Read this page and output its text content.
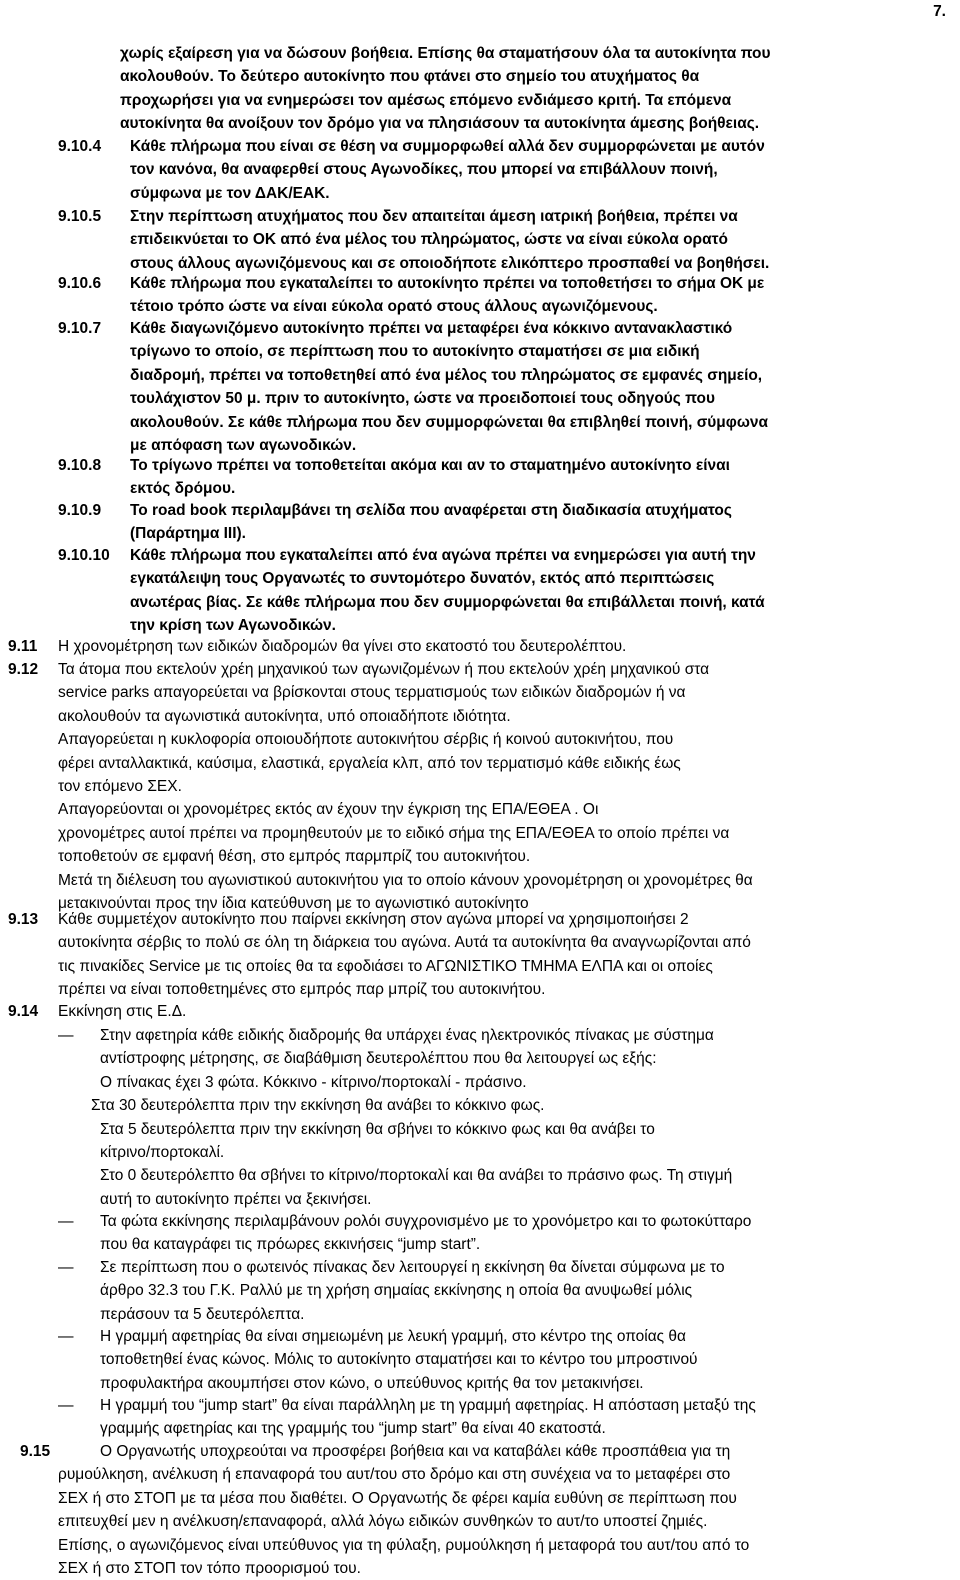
7.
χωρίς εξαίρεση για να δώσουν βοήθεια. Επίσης θα σταματήσουν όλα τα αυτοκίνητα που
ακολουθούν. Το δεύτερο αυτοκίνητο που φτάνει στο σημείο του ατυχήματος θα
προχωρήσει για να ενημερώσει τον αμέσως επόμενο ενδιάμεσο κριτή. Τα επόμενα
αυτοκίνητα θα ανοίξουν τον δρόμο για να πλησιάσουν τα αυτοκίνητα άμεσης βοήθειας.
9.10.4 Κάθε πλήρωμα που είναι σε θέση να συμμορφωθεί αλλά δεν συμμορφώνεται με αυτόν
τον κανόνα, θα αναφερθεί στους Αγωνοδίκες, που μπορεί να επιβάλλουν ποινή,
σύμφωνα με τον ΔΑΚ/ΕΑΚ.
9.10.5 Στην περίπτωση ατυχήματος που δεν απαιτείται άμεση ιατρική βοήθεια, πρέπει να
επιδεικνύεται το ΟΚ από ένα μέλος του πληρώματος, ώστε να είναι εύκολα ορατό
στους άλλους αγωνιζόμενους και σε οποιοδήποτε ελικόπτερο προσπαθεί να βοηθήσει.
9.10.6 Κάθε πλήρωμα που εγκαταλείπει το αυτοκίνητο πρέπει να τοποθετήσει το σήμα ΟΚ με
τέτοιο τρόπο ώστε να είναι εύκολα ορατό στους άλλους αγωνιζόμενους.
9.10.7 Κάθε διαγωνιζόμενο αυτοκίνητο πρέπει να μεταφέρει ένα κόκκινο αντανακλαστικό
τρίγωνο το οποίο, σε περίπτωση που το αυτοκίνητο σταματήσει σε μια ειδική
διαδρομή, πρέπει να τοποθετηθεί από ένα μέλος του πληρώματος σε εμφανές σημείο,
τουλάχιστον 50 μ. πριν το αυτοκίνητο, ώστε να προειδοποιεί τους οδηγούς που
ακολουθούν. Σε κάθε πλήρωμα που δεν συμμορφώνεται θα επιβληθεί ποινή, σύμφωνα
με απόφαση των αγωνοδικών.
9.10.8 Το τρίγωνο πρέπει να τοποθετείται ακόμα και αν το σταματημένο αυτοκίνητο είναι
εκτός δρόμου.
9.10.9 Το road book περιλαμβάνει τη σελίδα που αναφέρεται στη διαδικασία ατυχήματος
(Παράρτημα ΙΙΙ).
9.10.10 Κάθε πλήρωμα που εγκαταλείπει από ένα αγώνα πρέπει να ενημερώσει για αυτή την
εγκατάλειψη τους Οργανωτές το συντομότερο δυνατόν, εκτός από περιπτώσεις
ανωτέρας βίας. Σε κάθε πλήρωμα που δεν συμμορφώνεται θα επιβάλλεται ποινή, κατά
την κρίση των Αγωνοδικών.
9.11 Η χρονομέτρηση των ειδικών διαδρομών θα γίνει στο εκατοστό του δευτερολέπτου.
9.12 Τα άτομα που εκτελούν χρέη μηχανικού των αγωνιζομένων ή που εκτελούν χρέη μηχανικού στα
service parks απαγορεύεται να βρίσκονται στους τερματισμούς των ειδικών διαδρομών ή να
ακολουθούν τα αγωνιστικά αυτοκίνητα, υπό οποιαδήποτε ιδιότητα.
Απαγορεύεται η κυκλοφορία οποιουδήποτε αυτοκινήτου σέρβις ή κοινού αυτοκινήτου, που
φέρει ανταλλακτικά, καύσιμα, ελαστικά, εργαλεία κλπ, από τον τερματισμό κάθε ειδικής έως
τον επόμενο ΣΕΧ.
Απαγορεύονται οι χρονομέτρες εκτός αν έχουν την έγκριση της ΕΠΑ/ΕΘΕΑ . Οι
χρονομέτρες αυτοί πρέπει να προμηθευτούν με το ειδικό σήμα της ΕΠΑ/ΕΘΕΑ το οποίο πρέπει να
τοποθετούν σε εμφανή θέση, στο εμπρός παρμπρίζ του αυτοκινήτου.
Μετά τη διέλευση του αγωνιστικού αυτοκινήτου για το οποίο κάνουν χρονομέτρηση οι χρονομέτρες θα
μετακινούνται προς την ίδια κατεύθυνση με το αγωνιστικό αυτοκίνητο
9.13 Κάθε συμμετέχον αυτοκίνητο που παίρνει εκκίνηση στον αγώνα μπορεί να χρησιμοποιήσει 2
αυτοκίνητα σέρβις το πολύ σε όλη τη διάρκεια του αγώνα. Αυτά τα αυτοκίνητα θα αναγνωρίζονται από
τις πινακίδες Service με τις οποίες θα τα εφοδιάσει το ΑΓΩΝΙΣΤΙΚΟ ΤΜΗΜΑ ΕΛΠΑ και οι οποίες
πρέπει να είναι τοποθετημένες στο εμπρός παρ μπρίζ του αυτοκινήτου.
9.14 Εκκίνηση στις Ε.Δ.
— Στην αφετηρία κάθε ειδικής διαδρομής θα υπάρχει ένας ηλεκτρονικός πίνακας με σύστημα
αντίστροφης μέτρησης, σε διαβάθμιση δευτερολέπτου που θα λειτουργεί ως εξής:
Ο πίνακας έχει 3 φώτα. Κόκκινο - κίτρινο/πορτοκαλί - πράσινο.
Στα 30 δευτερόλεπτα πριν την εκκίνηση θα ανάβει το κόκκινο φως.
Στα 5 δευτερόλεπτα πριν την εκκίνηση θα σβήνει το κόκκινο φως και θα ανάβει το
κίτρινο/πορτοκαλί.
Στο 0 δευτερόλεπτο θα σβήνει το κίτρινο/πορτοκαλί και θα ανάβει το πράσινο φως. Τη στιγμή
αυτή το αυτοκίνητο πρέπει να ξεκινήσει.
— Τα φώτα εκκίνησης περιλαμβάνουν ρολόι συγχρονισμένο με το χρονόμετρο και το φωτοκύτταρο
που θα καταγράφει τις πρόωρες εκκινήσεις “jump start”.
— Σε περίπτωση που ο φωτεινός πίνακας δεν λειτουργεί η εκκίνηση θα δίνεται σύμφωνα με το
άρθρο 32.3 του Γ.Κ. Ραλλύ με τη χρήση σημαίας εκκίνησης η οποία θα ανυψωθεί μόλις
περάσουν τα 5 δευτερόλεπτα.
— Η γραμμή αφετηρίας θα είναι σημειωμένη με λευκή γραμμή, στο κέντρο της οποίας θα
τοποθετηθεί ένας κώνος. Μόλις το αυτοκίνητο σταματήσει και το κέντρο του μπροστινού
προφυλακτήρα ακουμπήσει στον κώνο, ο υπεύθυνος κριτής θα τον μετακινήσει.
— Η γραμμή του “jump start” θα είναι παράλληλη με τη γραμμή αφετηρίας. Η απόσταση μεταξύ της
γραμμής αφετηρίας και της γραμμής του “jump start” θα είναι 40 εκατοστά.
9.15	Ο Οργανωτής υποχρεούται να προσφέρει βοήθεια και να καταβάλει κάθε προσπάθεια για τη
ρυμούλκηση, ανέλκυση ή επαναφορά του αυτ/του στο δρόμο και στη συνέχεια να το μεταφέρει στο
ΣΕΧ ή στο ΣΤΟΠ με τα μέσα που διαθέτει. Ο Οργανωτής δε φέρει καμία ευθύνη σε περίπτωση που
επιτευχθεί μεν η ανέλκυση/επαναφορά, αλλά λόγω ειδικών συνθηκών το αυτ/το υποστεί ζημιές.
Επίσης, ο αγωνιζόμενος είναι υπεύθυνος για τη φύλαξη, ρυμούλκηση ή μεταφορά του αυτ/του από το
ΣΕΧ ή στο ΣΤΟΠ τον τόπο προορισμού του.
